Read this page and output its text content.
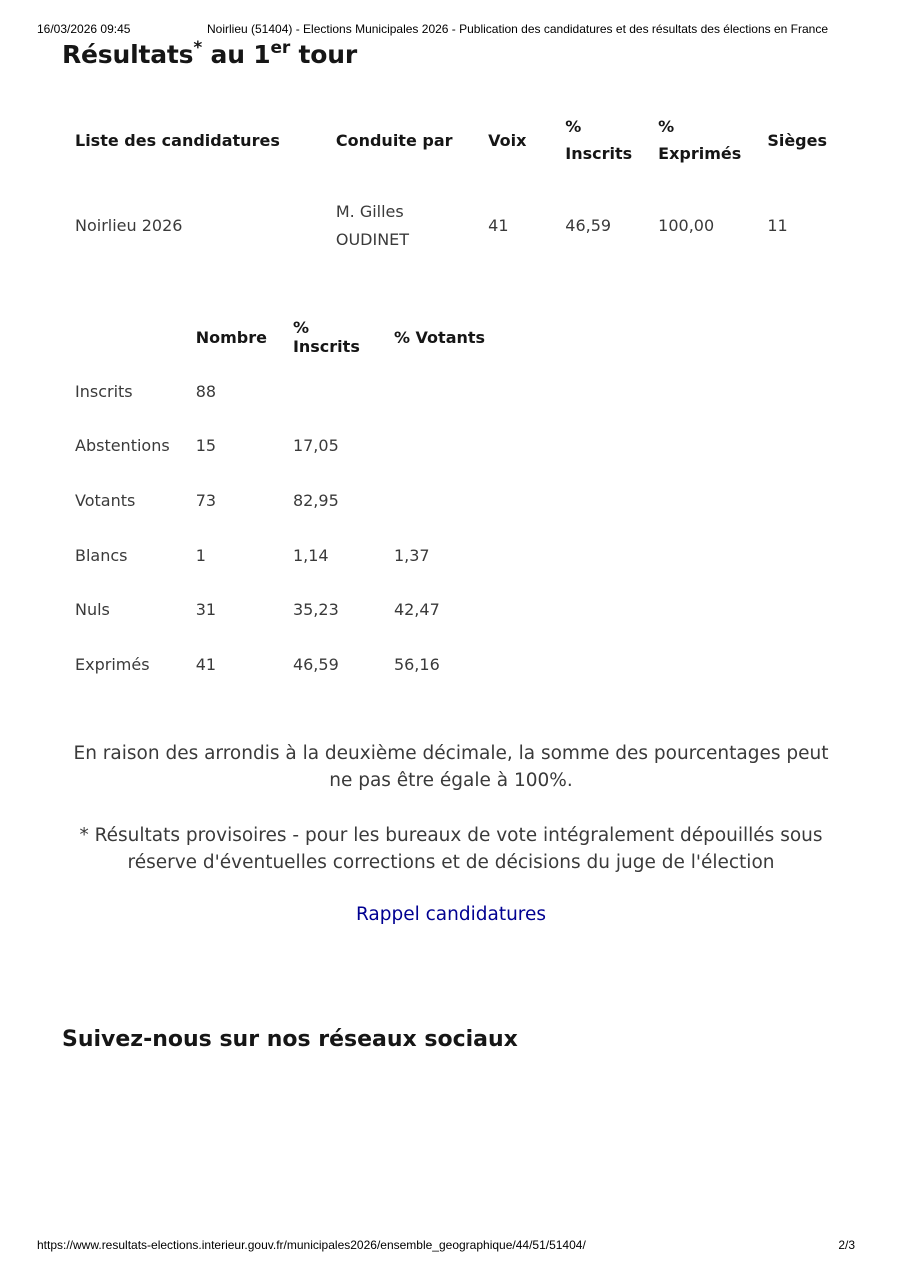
16/03/2026 09:45	Noirlieu (51404) - Elections Municipales 2026 - Publication des candidatures et des résultats des élections en France
Résultats* au 1er tour
Liste des candidatures	Conduite par	Voix	% Inscrits	% Exprimés	Sièges
Noirlieu 2026	M. Gilles OUDINET	41	46,59	100,00	11
	Nombre	% Inscrits	% Votants
Inscrits	88		
Abstentions	15	17,05	
Votants	73	82,95	
Blancs	1	1,14	1,37
Nuls	31	35,23	42,47
Exprimés	41	46,59	56,16

En raison des arrondis à la deuxième décimale, la somme des pourcentages peut ne pas être égale à 100%.

* Résultats provisoires - pour les bureaux de vote intégralement dépouillés sous réserve d'éventuelles corrections et de décisions du juge de l'élection

Rappel candidatures
Suivez-nous sur nos réseaux sociaux
https://www.resultats-elections.interieur.gouv.fr/municipales2026/ensemble_geographique/44/51/51404/	2/3
